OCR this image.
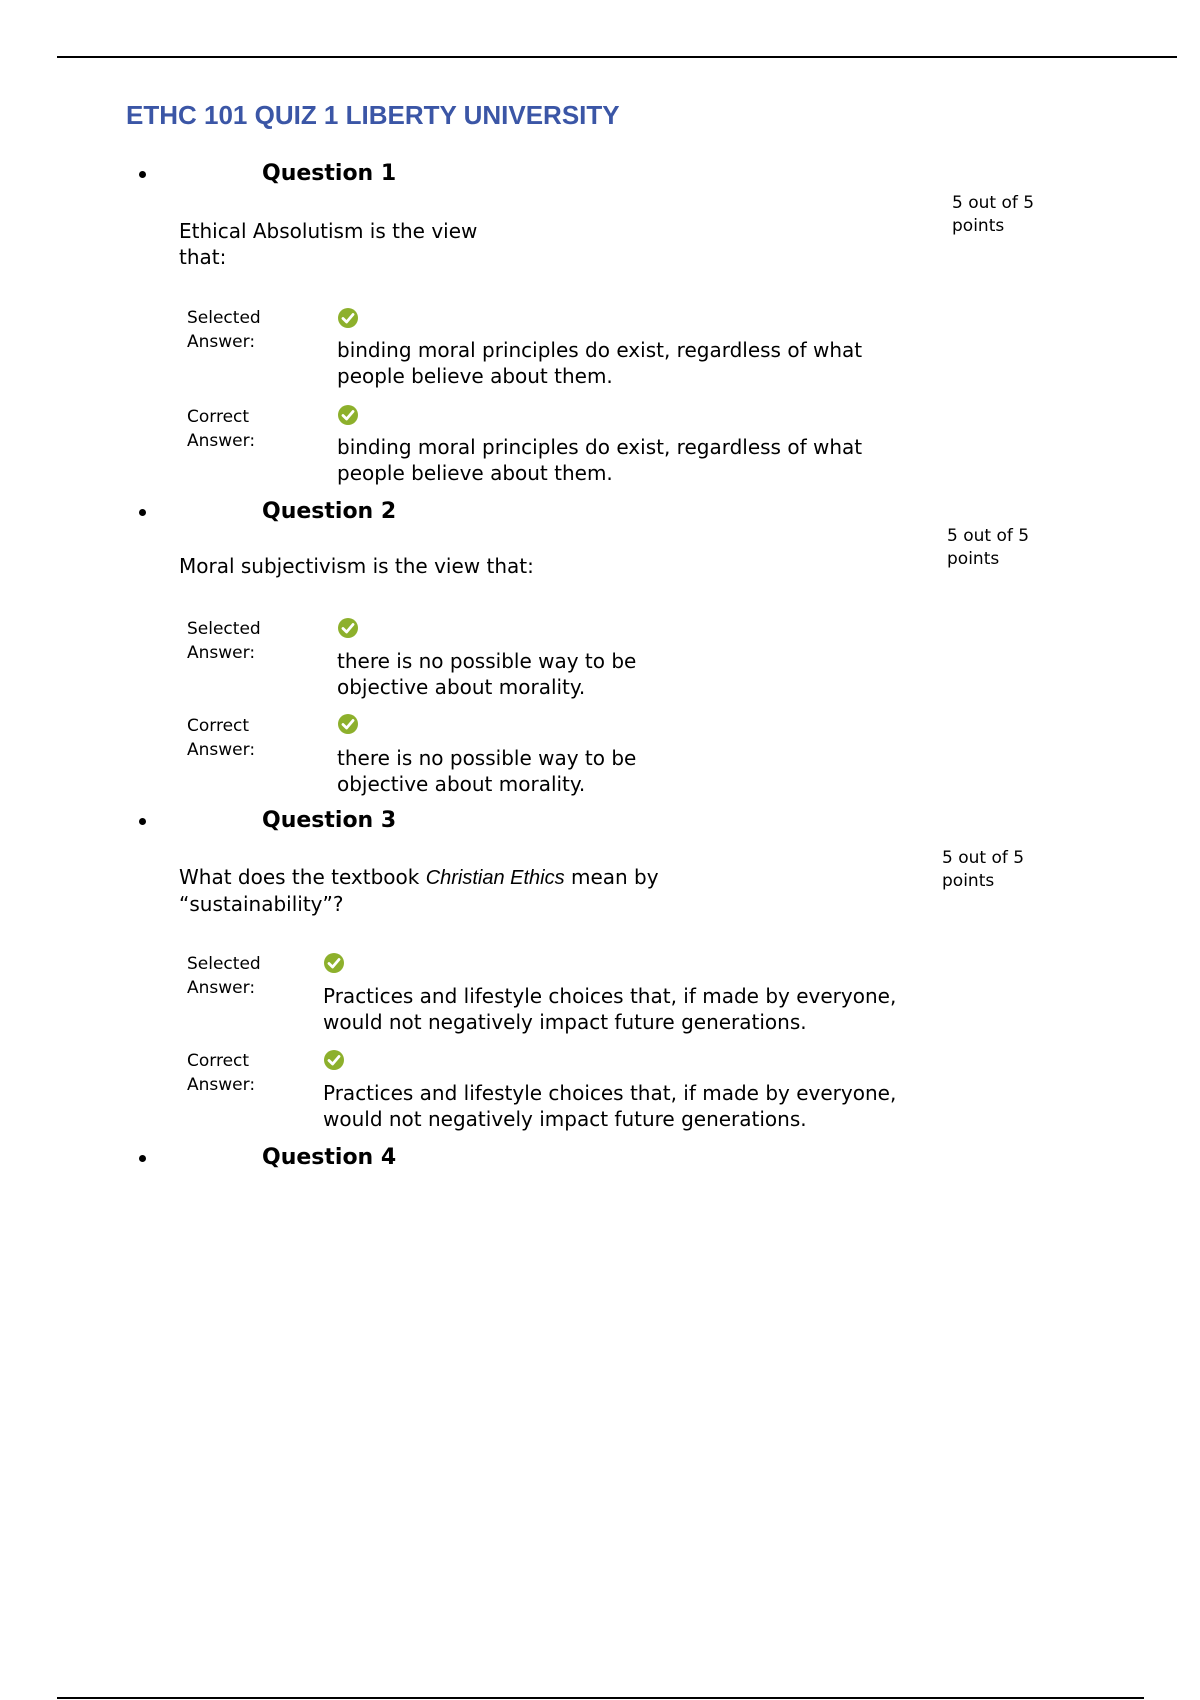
ETHC 101 QUIZ 1 LIBERTY UNIVERSITY
Question 1
5 out of 5
points
Ethical Absolutism is the view
that:
Selected
Answer:	binding moral principles do exist, regardless of what
people believe about them.
Correct
Answer:	binding moral principles do exist, regardless of what
people believe about them.
Question 2
5 out of 5
points
Moral subjectivism is the view that:
Selected
Answer:	there is no possible way to be
objective about morality.
Correct
Answer:	there is no possible way to be
objective about morality.
Question 3
5 out of 5
points
What does the textbook Christian Ethics mean by
“sustainability”?
Selected
Answer:	Practices and lifestyle choices that, if made by everyone,
would not negatively impact future generations.
Correct
Answer:	Practices and lifestyle choices that, if made by everyone,
would not negatively impact future generations.
Question 4
